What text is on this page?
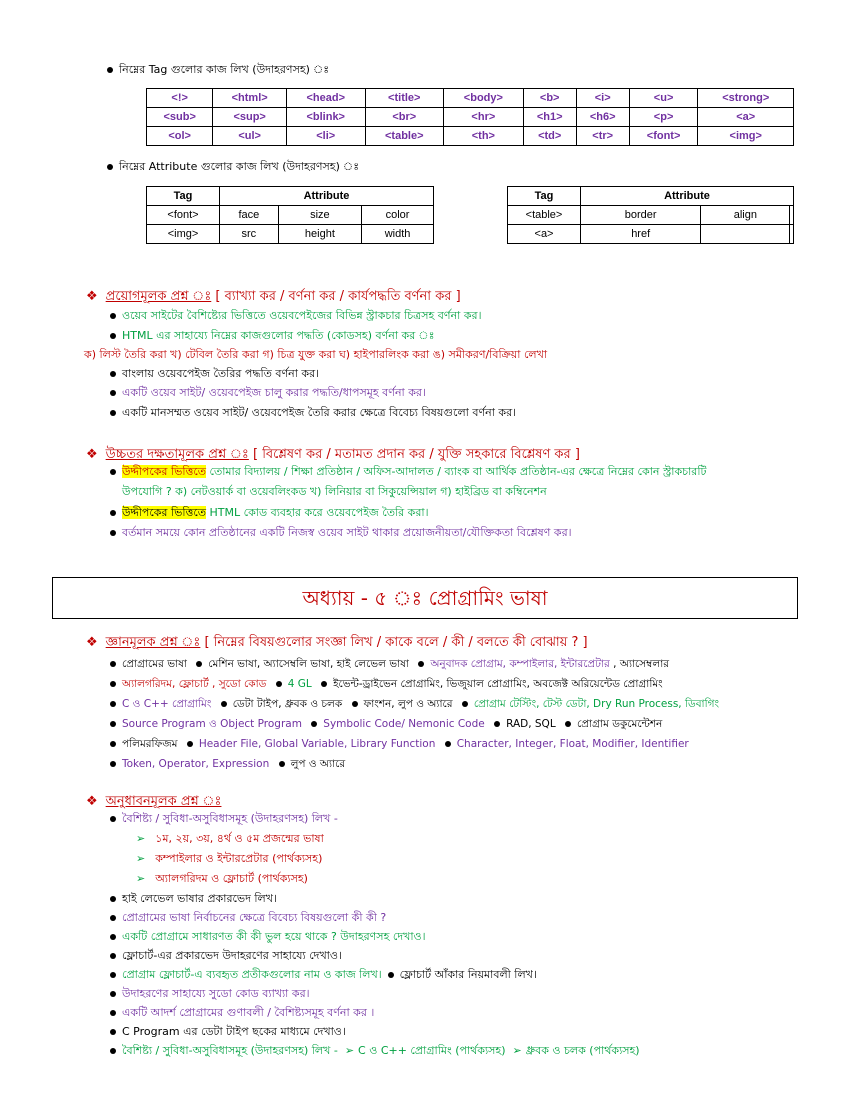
নিম্নের Tag গুলোর কাজ লিখ (উদাহরণসহ) ঃ
<!>	<html>	<head>	<title>	<body>	<b>	<i>	<u>	<strong>
<sub>	<sup>	<blink>	<br>	<hr>	<h1>	<h6>	<p>	<a>
<ol>	<ul>	<li>	<table>	<th>	<td>	<tr>	<font>	<img>
নিম্নের Attribute গুলোর কাজ লিখ (উদাহরণসহ) ঃ
Tag	Attribute		
<font>	face	size	color
<img>	src	height	width
Tag	Attribute		
<table>	border	align	
<a>	href		
❖ প্রয়োগমূলক প্রশ্ন ঃ [ ব্যাখ্যা কর / বর্ণনা কর / কার্যপদ্ধতি বর্ণনা কর ]
ওয়েব সাইটের বৈশিষ্ট্যের ভিত্তিতে ওয়েবপেইজের বিভিন্ন স্ট্রাকচার চিত্রসহ বর্ণনা কর।
HTML এর সাহায্যে নিম্নের কাজগুলোর পদ্ধতি (কোডসহ) বর্ণনা কর ঃ
ক) লিস্ট তৈরি করা খ) টেবিল তৈরি করা গ) চিত্র যুক্ত করা ঘ) হাইপারলিংক করা ঙ) সমীকরণ/বিক্রিয়া লেখা
বাংলায় ওয়েবপেইজ তৈরির পদ্ধতি বর্ণনা কর।
একটি ওয়েব সাইট/ ওয়েবপেইজ চালু করার পদ্ধতি/ধাপসমূহ বর্ণনা কর।
একটি মানসম্মত ওয়েব সাইট/ ওয়েবপেইজ তৈরি করার ক্ষেত্রে বিবেচ্য বিষয়গুলো বর্ণনা কর।
❖ উচ্চতর দক্ষতামূলক প্রশ্ন ঃ [ বিশ্লেষণ কর / মতামত প্রদান কর / যুক্তি সহকারে বিশ্লেষণ কর ]
উদ্দীপকের ভিত্তিতে তোমার বিদ্যালয় / শিক্ষা প্রতিষ্ঠান / অফিস-আদালত / ব্যাংক বা আর্থিক প্রতিষ্ঠান-এর ক্ষেত্রে নিম্নের কোন স্ট্রাকচারটি
উপযোগি ? ক) নেটওয়ার্ক বা ওয়েবলিংকড খ) লিনিয়ার বা সিকুয়েন্সিয়াল গ) হাইব্রিড বা কম্বিনেশন
উদ্দীপকের ভিত্তিতে HTML কোড ব্যবহার করে ওয়েবপেইজ তৈরি করা।
বর্তমান সময়ে কোন প্রতিষ্ঠানের একটি নিজস্ব ওয়েব সাইট থাকার প্রয়োজনীয়তা/যৌক্তিকতা বিশ্লেষণ কর।
অধ্যায় - ৫ ঃ প্রোগ্রামিং ভাষা
❖ জ্ঞানমূলক প্রশ্ন ঃ [ নিম্নের বিষয়গুলোর সংজ্ঞা লিখ / কাকে বলে / কী / বলতে কী বোঝায় ? ]
প্রোগ্রামের ভাষা মেশিন ভাষা, অ্যাসেম্বলি ভাষা, হাই লেভেল ভাষা অনুবাদক প্রোগ্রাম, কম্পাইলার, ইন্টারপ্রেটার , অ্যাসেম্বলার
অ্যালগরিদম, ফ্লোচার্ট , সুডো কোড 4 GL ইভেন্ট-ড্রাইভেন প্রোগ্রামিং, ভিজুয়াল প্রোগ্রামিং, অবজেক্ট অরিয়েন্টেড প্রোগ্রামিং
C ও C++ প্রোগ্রামিং ডেটা টাইপ, ধ্রুবক ও চলক ফাংশন, লুপ ও অ্যারে প্রোগ্রাম টেস্টিং, টেস্ট ডেটা, Dry Run Process, ডিবাগিং
Source Program ও Object Program Symbolic Code/ Nemonic Code RAD, SQL প্রোগ্রাম ডকুমেন্টেশন
পলিমরফিজম Header File, Global Variable, Library Function Character, Integer, Float, Modifier, Identifier
Token, Operator, Expression লুপ ও অ্যারে
❖ অনুধাবনমূলক প্রশ্ন ঃ
বৈশিষ্ট্য / সুবিধা-অসুবিধাসমূহ (উদাহরণসহ) লিখ -
➢ ১ম, ২য়, ৩য়, ৪র্থ ও ৫ম প্রজন্মের ভাষা
➢ কম্পাইলার ও ইন্টারপ্রেটার (পার্থক্যসহ)
➢ অ্যালগরিদম ও ফ্লোচার্ট (পার্থক্যসহ)
হাই লেভেল ভাষার প্রকারভেদ লিখ।
প্রোগ্রামের ভাষা নির্বাচনের ক্ষেত্রে বিবেচ্য বিষয়গুলো কী কী ?
একটি প্রোগ্রামে সাধারণত কী কী ভুল হয়ে থাকে ? উদাহরণসহ দেখাও।
ফ্লোচার্ট-এর প্রকারভেদ উদাহরণের সাহায্যে দেখাও।
প্রোগ্রাম ফ্লোচার্ট-এ ব্যবহৃত প্রতীকগুলোর নাম ও কাজ লিখ। ফ্লোচার্ট আঁকার নিয়মাবলী লিখ।
উদাহরণের সাহায্যে সুডো কোড ব্যাখ্যা কর।
একটি আদর্শ প্রোগ্রামের গুণাবলী / বৈশিষ্ট্যসমূহ বর্ণনা কর ।
C Program এর ডেটা টাইপ ছকের মাধ্যমে দেখাও।
বৈশিষ্ট্য / সুবিধা-অসুবিধাসমূহ (উদাহরণসহ) লিখ - ➢ C ও C++ প্রোগ্রামিং (পার্থক্যসহ) ➢ ধ্রুবক ও চলক (পার্থক্যসহ)
